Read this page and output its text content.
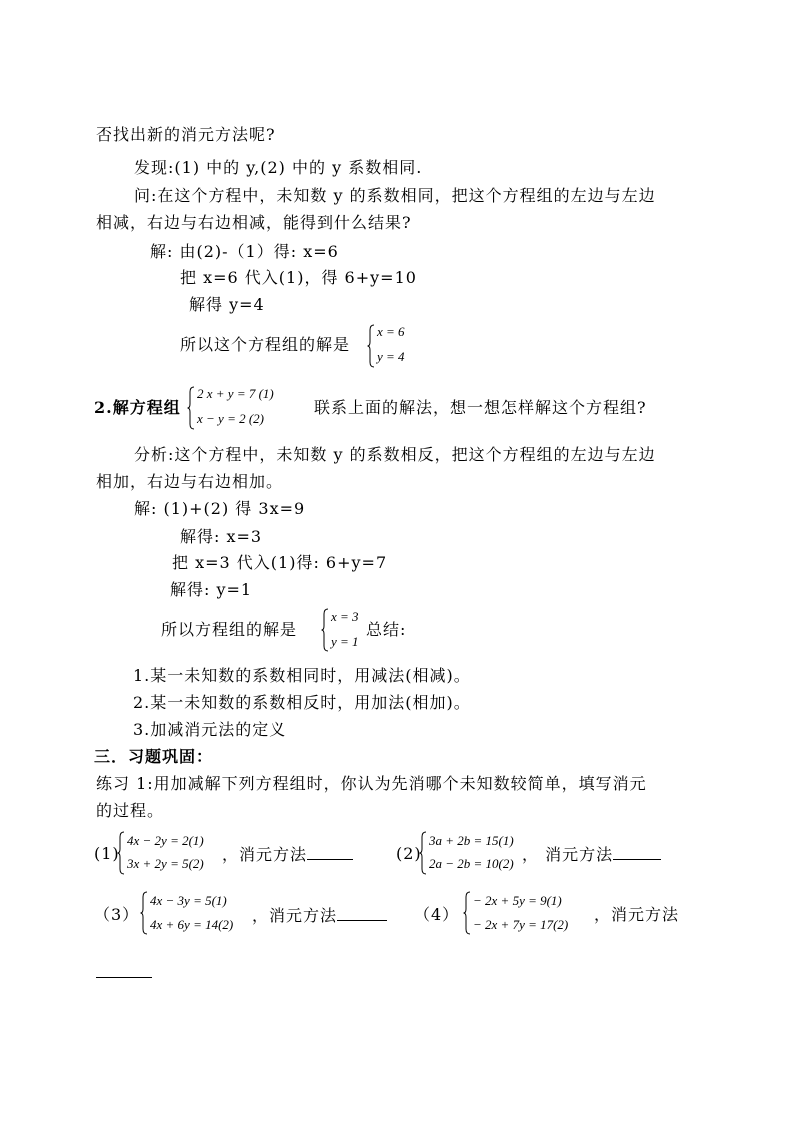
否找出新的消元方法呢?
发现:(1) 中的 y,(2) 中的 y 系数相同.
问:在这个方程中，未知数 y 的系数相同，把这个方程组的左边与左边
相减，右边与右边相减，能得到什么结果?
解: 由(2)-（1）得: x=6
把 x=6 代入(1)，得 6+y=10
解得 y=4
所以这个方程组的解是
x = 6
y = 4
2.解方程组
2 x + y = 7 (1)
x − y = 2 (2)
联系上面的解法，想一想怎样解这个方程组?
分析:这个方程中，未知数 y 的系数相反，把这个方程组的左边与左边
相加，右边与右边相加。
解: (1)+(2) 得 3x=9
解得: x=3
把 x=3 代入(1)得: 6+y=7
解得: y=1
所以方程组的解是
x = 3
y = 1
总结:
1.某一未知数的系数相同时，用减法(相减)。
2.某一未知数的系数相反时，用加法(相加)。
3.加减消元法的定义
三．习题巩固：
练习 1:用加减解下列方程组时，你认为先消哪个未知数较简单，填写消元
的过程。
(1)
4x − 2y = 2(1)
3x + 2y = 5(2) ，消元方法	(2)
3a + 2b = 15(1)
2a − 2b = 10(2) ， 消元方法
（3）
4x − 3y = 5(1)
4x + 6y = 14(2) ，消元方法	（4）
− 2x + 5y = 9(1)
− 2x + 7y = 17(2)
，消元方法
